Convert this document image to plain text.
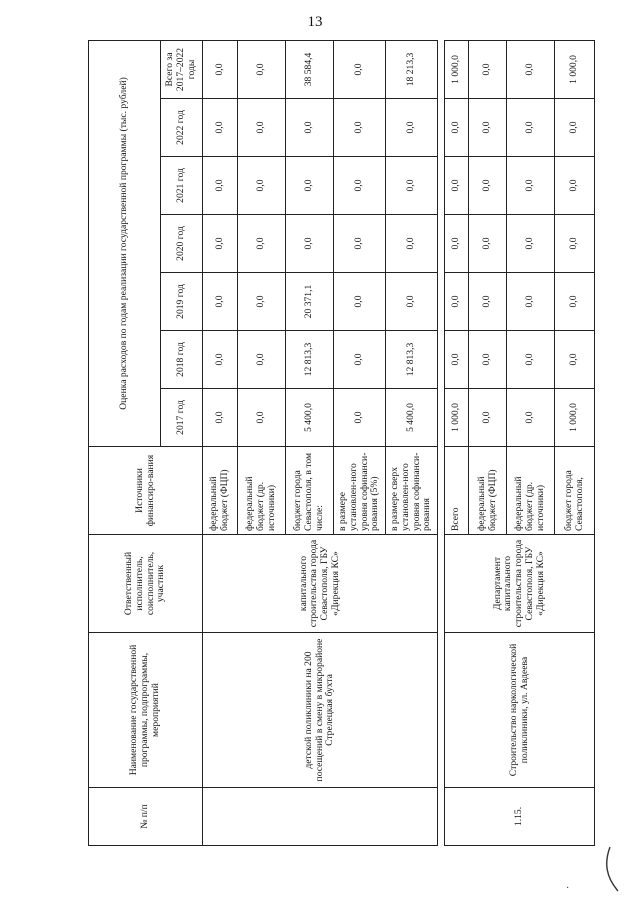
13
№ п/п	Наименование государственной программы, подпрограммы, мероприятий	Ответственный исполнитель, соисполнитель, участник	Источники финансиро-вания	Оценка расходов по годам реализации государственной программы (тыс. рублей)						
				2017 год	2018 год	2019 год	2020 год	2021 год	2022 год	Всего за 2017–2022 годы
	детской поликлиники на 200 посещений в смену в микрорайоне Стрелецкая бухта	капитального строительства города Севастополя, ГБУ «Дирекция КС»	федеральный бюджет (ФЦП)	0,0	0,0	0,0	0,0	0,0	0,0	0,0
			федеральный бюджет (др. источники)	0,0	0,0	0,0	0,0	0,0	0,0	0,0
			бюджет города Севастополя, в том числе:	5 400,0	12 813,3	20 371,1	0,0	0,0	0,0	38 584,4
			в размере установлен-ного уровня софинанси-рования (5%)	0,0	0,0	0,0	0,0	0,0	0,0	0,0
			в размере сверх установлен-ного уровня софинанси-рования	5 400,0	12 813,3	0,0	0,0	0,0	0,0	18 213,3

1.15.	Строительство наркологической поликлиники, ул. Авдеева	Департамент капитального строительства города Севастополя, ГБУ «Дирекция КС»	Всего	1 000,0	0,0	0,0	0,0	0,0	0,0	1 000,0
			федеральный бюджет (ФЦП)	0,0	0,0	0,0	0,0	0,0	0,0	0,0
			федеральный бюджет (др. источники)	0,0	0,0	0,0	0,0	0,0	0,0	0,0
			бюджет города Севастополя,	1 000,0	0,0	0,0	0,0	0,0	0,0	1 000,0
·
